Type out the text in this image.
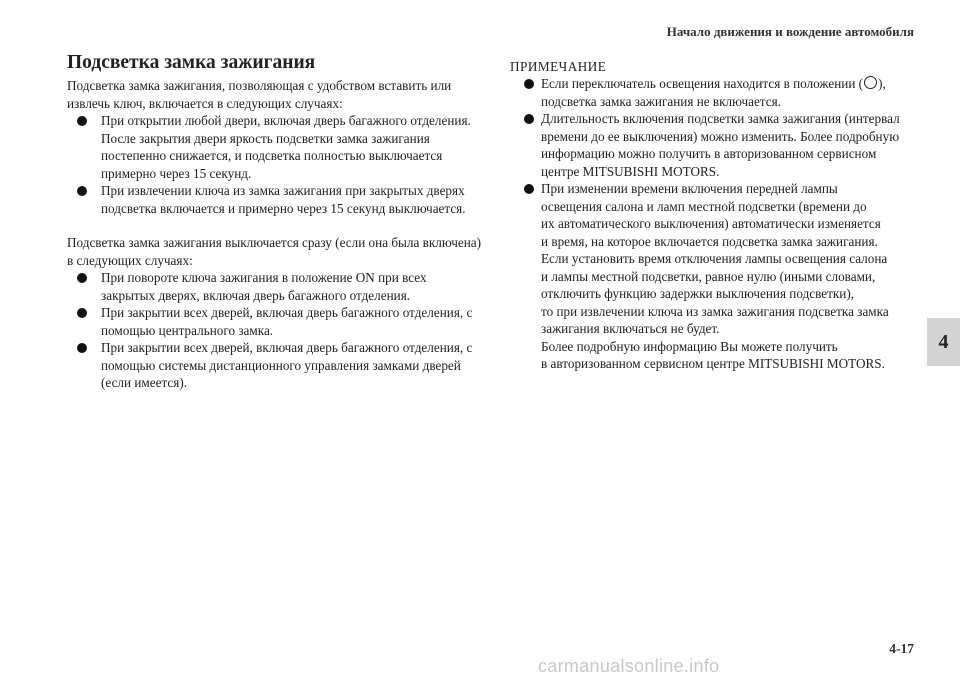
Начало движения и вождение автомобиля
Подсветка замка зажигания

Подсветка замка зажигания, позволяющая с удобством вставить или извлечь ключ, включается в следующих случаях:

При открытии любой двери, включая дверь багажного отделения. После закрытия двери яркость подсветки замка зажигания постепенно снижается, и подсветка полностью выключается примерно через 15 секунд.
При извлечении ключа из замка зажигания при закрытых дверях подсветка включается и примерно через 15 секунд выключается.

Подсветка замка зажигания выключается сразу (если она была включена) в следующих случаях:

При повороте ключа зажигания в положение ON при всех закрытых дверях, включая дверь багажного отделения.
При закрытии всех дверей, включая дверь багажного отделения, с помощью центрального замка.
При закрытии всех дверей, включая дверь багажного отделения, с помощью системы дистанционного управления замками дверей (если имеется).

ПРИМЕЧАНИЕ

Если переключатель освещения находится в положении ( ), подсветка замка зажигания не включается.
Длительность включения подсветки замка зажигания (интервал времени до ее выключения) можно изменить. Более подробную информацию можно получить в авторизованном сервисном центре MITSUBISHI MOTORS.
При изменении времени включения передней лампы
освещения салона и ламп местной подсветки (времени до
их автоматического выключения) автоматически изменяется
и время, на которое включается подсветка замка зажигания.
Если установить время отключения лампы освещения салона
и лампы местной подсветки, равное нулю (иными словами,
отключить функцию задержки выключения подсветки),
то при извлечении ключа из замка зажигания подсветка замка
зажигания включаться не будет.
Более подробную информацию Вы можете получить
в авторизованном сервисном центре MITSUBISHI MOTORS.
4
4-17
carmanualsonline.info
